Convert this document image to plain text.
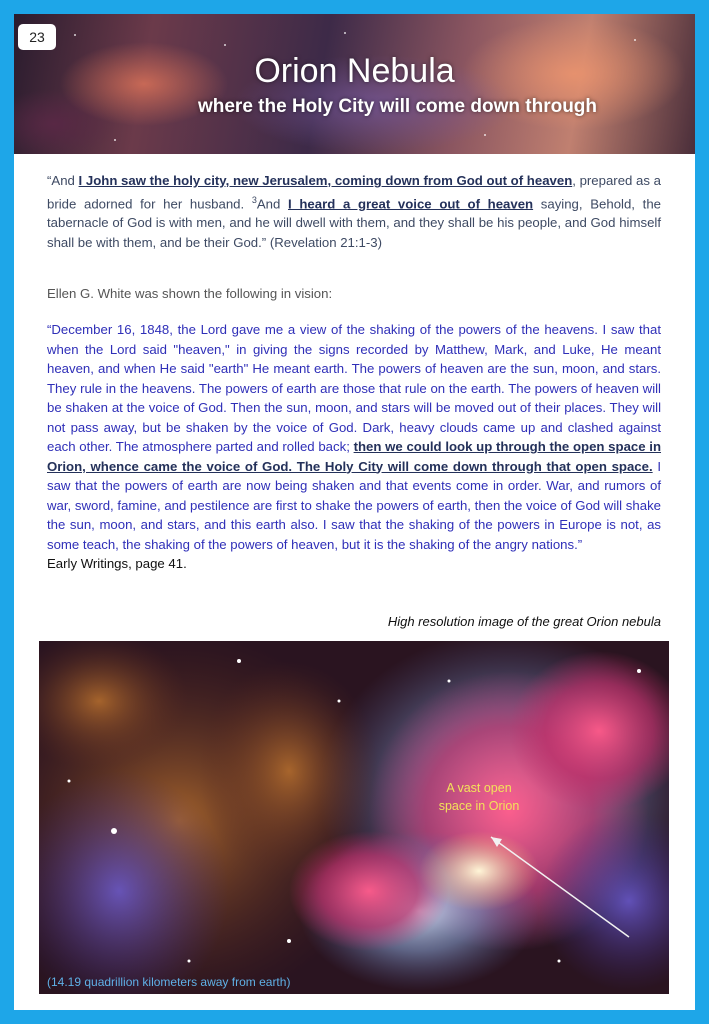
23
Orion Nebula
where the Holy City will come down through
“And I John saw the holy city, new Jerusalem, coming down from God out of heaven, prepared as a bride adorned for her husband. $^3$And I heard a great voice out of heaven saying, Behold, the tabernacle of God is with men, and he will dwell with them, and they shall be his people, and God himself shall be with them, and be their God.” (Revelation 21:1-3)
Ellen G. White was shown the following in vision:
“December 16, 1848, the Lord gave me a view of the shaking of the powers of the heavens. I saw that when the Lord said "heaven," in giving the signs recorded by Matthew, Mark, and Luke, He meant heaven, and when He said "earth" He meant earth. The powers of heaven are the sun, moon, and stars. They rule in the heavens. The powers of earth are those that rule on the earth. The powers of heaven will be shaken at the voice of God. Then the sun, moon, and stars will be moved out of their places. They will not pass away, but be shaken by the voice of God. Dark, heavy clouds came up and clashed against each other. The atmosphere parted and rolled back; then we could look up through the open space in Orion, whence came the voice of God. The Holy City will come down through that open space. I saw that the powers of earth are now being shaken and that events come in order. War, and rumors of war, sword, famine, and pestilence are first to shake the powers of earth, then the voice of God will shake the sun, moon, and stars, and this earth also. I saw that the shaking of the powers in Europe is not, as some teach, the shaking of the powers of heaven, but it is the shaking of the angry nations.”
Early Writings, page 41.
High resolution image of the great Orion nebula
A vast open
space in Orion
(14.19 quadrillion kilometers away from earth)
